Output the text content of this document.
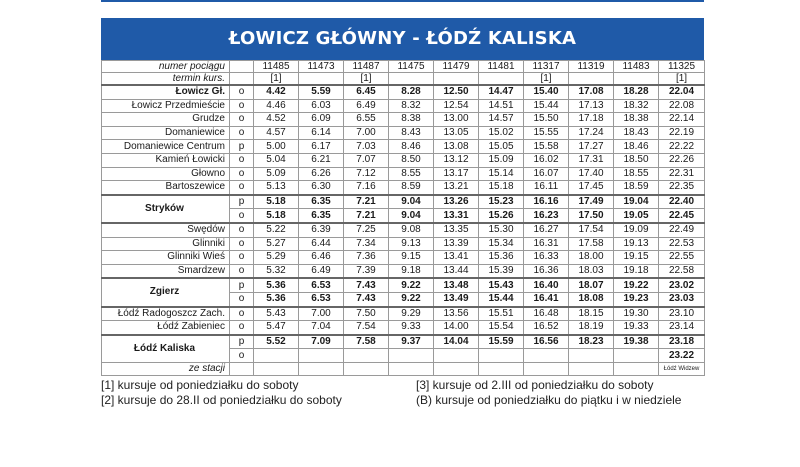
ŁOWICZ GŁÓWNY - ŁÓDŹ KALISKA
numer pociągu		11485	11473	11487	11475	11479	11481	11317	11319	11483	11325
termin kurs.		[1]		[1]				[1]			[1]
Łowicz Gł.	o	4.42	5.59	6.45	8.28	12.50	14.47	15.40	17.08	18.28	22.04
Łowicz Przedmieście	o	4.46	6.03	6.49	8.32	12.54	14.51	15.44	17.13	18.32	22.08
Grudze	o	4.52	6.09	6.55	8.38	13.00	14.57	15.50	17.18	18.38	22.14
Domaniewice	o	4.57	6.14	7.00	8.43	13.05	15.02	15.55	17.24	18.43	22.19
Domaniewice Centrum	p	5.00	6.17	7.03	8.46	13.08	15.05	15.58	17.27	18.46	22.22
Kamień Łowicki	o	5.04	6.21	7.07	8.50	13.12	15.09	16.02	17.31	18.50	22.26
Głowno	o	5.09	6.26	7.12	8.55	13.17	15.14	16.07	17.40	18.55	22.31
Bartoszewice	o	5.13	6.30	7.16	8.59	13.21	15.18	16.11	17.45	18.59	22.35
Stryków	p	5.18	6.35	7.21	9.04	13.26	15.23	16.16	17.49	19.04	22.40
	o	5.18	6.35	7.21	9.04	13.31	15.26	16.23	17.50	19.05	22.45
Swędów	o	5.22	6.39	7.25	9.08	13.35	15.30	16.27	17.54	19.09	22.49
Glinniki	o	5.27	6.44	7.34	9.13	13.39	15.34	16.31	17.58	19.13	22.53
Glinniki Wieś	o	5.29	6.46	7.36	9.15	13.41	15.36	16.33	18.00	19.15	22.55
Smardzew	o	5.32	6.49	7.39	9.18	13.44	15.39	16.36	18.03	19.18	22.58
Zgierz	p	5.36	6.53	7.43	9.22	13.48	15.43	16.40	18.07	19.22	23.02
	o	5.36	6.53	7.43	9.22	13.49	15.44	16.41	18.08	19.23	23.03
Łódź Radogoszcz Zach.	o	5.43	7.00	7.50	9.29	13.56	15.51	16.48	18.15	19.30	23.10
Łódź Żabieniec	o	5.47	7.04	7.54	9.33	14.00	15.54	16.52	18.19	19.33	23.14
Łódź Kaliska	p	5.52	7.09	7.58	9.37	14.04	15.59	16.56	18.23	19.38	23.18
	o										23.22
ze stacji											Łódź Widzew
[1] kursuje od poniedziałku do soboty
[2] kursuje do 28.II od poniedziałku do soboty
[3] kursuje od 2.III od poniedziałku do soboty
(B) kursuje od poniedziałku do piątku i w niedziele
